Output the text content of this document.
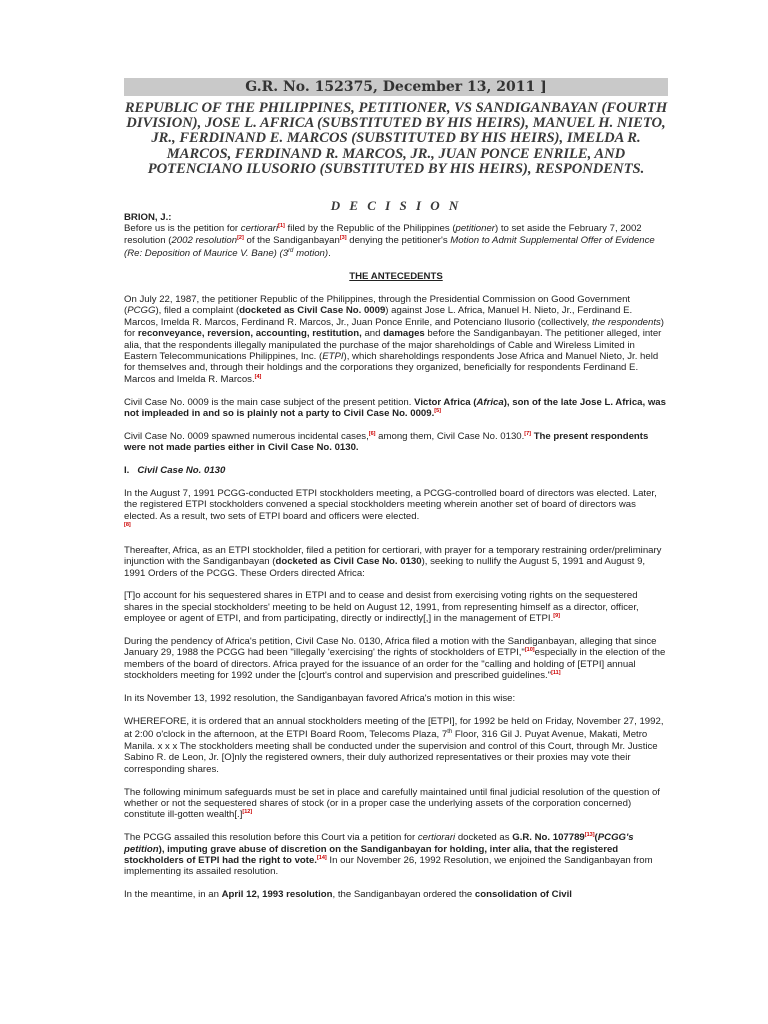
G.R. No. 152375, December 13, 2011 ]
REPUBLIC OF THE PHILIPPINES, PETITIONER, VS SANDIGANBAYAN (FOURTH DIVISION), JOSE L. AFRICA (SUBSTITUTED BY HIS HEIRS), MANUEL H. NIETO, JR., FERDINAND E. MARCOS (SUBSTITUTED BY HIS HEIRS), IMELDA R. MARCOS, FERDINAND R. MARCOS, JR., JUAN PONCE ENRILE, AND POTENCIANO ILUSORIO (SUBSTITUTED BY HIS HEIRS), RESPONDENTS.
D E C I S I O N

BRION, J.:

Before us is the petition for certiorari[1] filed by the Republic of the Philippines (petitioner) to set aside the February 7, 2002 resolution (2002 resolution[2] of the Sandiganbayan[3] denying the petitioner's Motion to Admit Supplemental Offer of Evidence (Re: Deposition of Maurice V. Bane) (3rd motion).

THE ANTECEDENTS

On July 22, 1987, the petitioner Republic of the Philippines, through the Presidential Commission on Good Government (PCGG), filed a complaint (docketed as Civil Case No. 0009) against Jose L. Africa, Manuel H. Nieto, Jr., Ferdinand E. Marcos, Imelda R. Marcos, Ferdinand R. Marcos, Jr., Juan Ponce Enrile, and Potenciano Ilusorio (collectively, the respondents) for reconveyance, reversion, accounting, restitution, and damages before the Sandiganbayan. The petitioner alleged, inter alia, that the respondents illegally manipulated the purchase of the major shareholdings of Cable and Wireless Limited in Eastern Telecommunications Philippines, Inc. (ETPI), which shareholdings respondents Jose Africa and Manuel Nieto, Jr. held for themselves and, through their holdings and the corporations they organized, beneficially for respondents Ferdinand E. Marcos and Imelda R. Marcos.[4]

Civil Case No. 0009 is the main case subject of the present petition. Victor Africa (Africa), son of the late Jose L. Africa, was not impleaded in and so is plainly not a party to Civil Case No. 0009.[5]

Civil Case No. 0009 spawned numerous incidental cases,[6] among them, Civil Case No. 0130.[7] The present respondents were not made parties either in Civil Case No. 0130.

I. Civil Case No. 0130

In the August 7, 1991 PCGG-conducted ETPI stockholders meeting, a PCGG-controlled board of directors was elected. Later, the registered ETPI stockholders convened a special stockholders meeting wherein another set of board of directors was elected. As a result, two sets of ETPI board and officers were elected.
[8]

Thereafter, Africa, as an ETPI stockholder, filed a petition for certiorari, with prayer for a temporary restraining order/preliminary injunction with the Sandiganbayan (docketed as Civil Case No. 0130), seeking to nullify the August 5, 1991 and August 9, 1991 Orders of the PCGG. These Orders directed Africa:

[T]o account for his sequestered shares in ETPI and to cease and desist from exercising voting rights on the sequestered shares in the special stockholders' meeting to be held on August 12, 1991, from representing himself as a director, officer, employee or agent of ETPI, and from participating, directly or indirectly[,] in the management of ETPI.[9]

During the pendency of Africa's petition, Civil Case No. 0130, Africa filed a motion with the Sandiganbayan, alleging that since January 29, 1988 the PCGG had been "illegally 'exercising' the rights of stockholders of ETPI,"[10]especially in the election of the members of the board of directors. Africa prayed for the issuance of an order for the "calling and holding of [ETPI] annual stockholders meeting for 1992 under the [c]ourt's control and supervision and prescribed guidelines."[11]

In its November 13, 1992 resolution, the Sandiganbayan favored Africa's motion in this wise:

WHEREFORE, it is ordered that an annual stockholders meeting of the [ETPI], for 1992 be held on Friday, November 27, 1992, at 2:00 o'clock in the afternoon, at the ETPI Board Room, Telecoms Plaza, 7th Floor, 316 Gil J. Puyat Avenue, Makati, Metro Manila. x x x The stockholders meeting shall be conducted under the supervision and control of this Court, through Mr. Justice Sabino R. de Leon, Jr. [O]nly the registered owners, their duly authorized representatives or their proxies may vote their corresponding shares.

The following minimum safeguards must be set in place and carefully maintained until final judicial resolution of the question of whether or not the sequestered shares of stock (or in a proper case the underlying assets of the corporation concerned) constitute ill-gotten wealth[.][12]

The PCGG assailed this resolution before this Court via a petition for certiorari docketed as G.R. No. 107789[13](PCGG's petition), imputing grave abuse of discretion on the Sandiganbayan for holding, inter alia, that the registered stockholders of ETPI had the right to vote.[14] In our November 26, 1992 Resolution, we enjoined the Sandiganbayan from implementing its assailed resolution.

In the meantime, in an April 12, 1993 resolution, the Sandiganbayan ordered the consolidation of Civil
